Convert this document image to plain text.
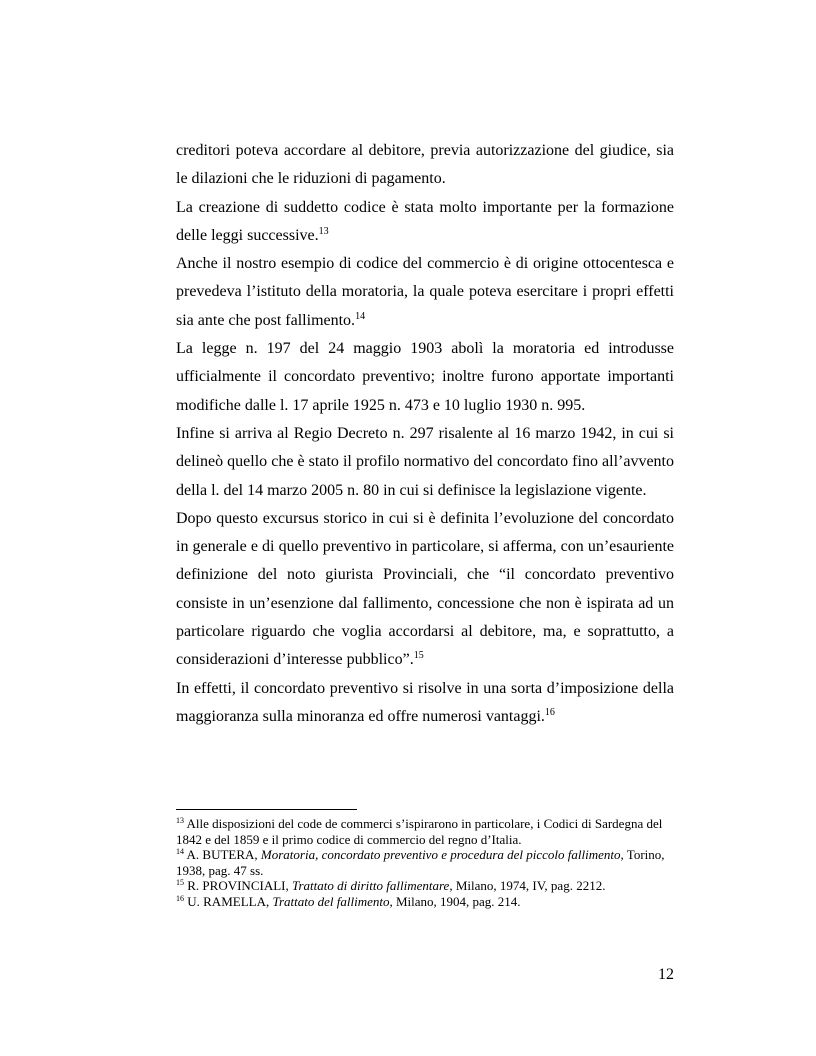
creditori poteva accordare al debitore, previa autorizzazione del giudice, sia le dilazioni che le riduzioni di pagamento.

La creazione di suddetto codice è stata molto importante per la formazione delle leggi successive.$^{13}$

Anche il nostro esempio di codice del commercio è di origine ottocentesca e prevedeva l’istituto della moratoria, la quale poteva esercitare i propri effetti sia ante che post fallimento.$^{14}$

La legge n. 197 del 24 maggio 1903 abolì la moratoria ed introdusse ufficialmente il concordato preventivo; inoltre furono apportate importanti modifiche dalle l. 17 aprile 1925 n. 473 e 10 luglio 1930 n. 995.

Infine si arriva al Regio Decreto n. 297 risalente al 16 marzo 1942, in cui si delineò quello che è stato il profilo normativo del concordato fino all’avvento della l. del 14 marzo 2005 n. 80 in cui si definisce la legislazione vigente.

Dopo questo excursus storico in cui si è definita l’evoluzione del concordato in generale e di quello preventivo in particolare, si afferma, con un’esauriente definizione del noto giurista Provinciali, che “il concordato preventivo consiste in un’esenzione dal fallimento, concessione che non è ispirata ad un particolare riguardo che voglia accordarsi al debitore, ma, e soprattutto, a considerazioni d’interesse pubblico”.$^{15}$

In effetti, il concordato preventivo si risolve in una sorta d’imposizione della maggioranza sulla minoranza ed offre numerosi vantaggi.$^{16}$

$^{13}$ Alle disposizioni del code de commerci s’ispirarono in particolare, i Codici di Sardegna del 1842 e del 1859 e il primo codice di commercio del regno d’Italia.

$^{14}$ A. BUTERA, Moratoria, concordato preventivo e procedura del piccolo fallimento, Torino, 1938, pag. 47 ss.

$^{15}$ R. PROVINCIALI, Trattato di diritto fallimentare, Milano, 1974, IV, pag. 2212.

$^{16}$ U. RAMELLA, Trattato del fallimento, Milano, 1904, pag. 214.

12
